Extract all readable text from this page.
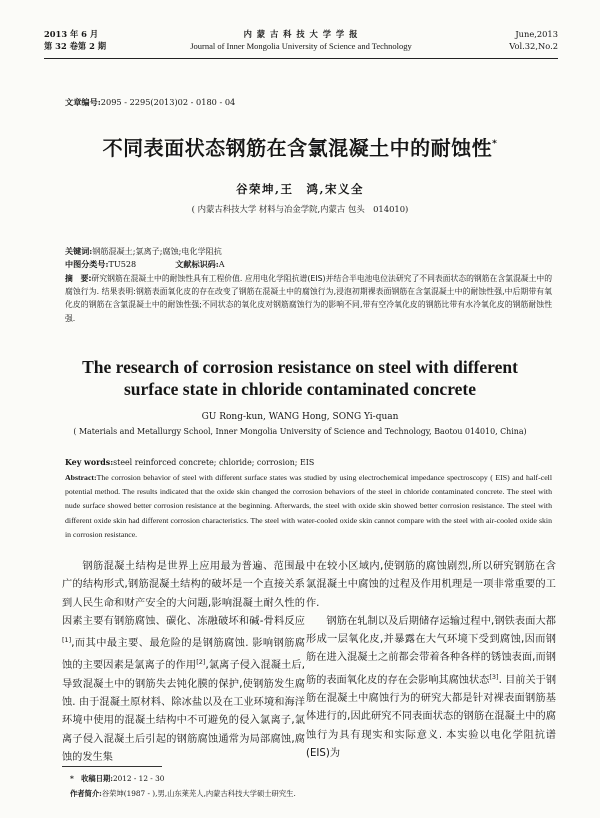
2013 年 6 月
第 32 卷第 2 期
内 蒙 古 科 技 大 学 学 报
Journal of Inner Mongolia University of Science and Technology
June,2013
Vol.32,No.2
文章编号:2095 - 2295(2013)02 - 0180 - 04
不同表面状态钢筋在含氯混凝土中的耐蚀性*
谷荣坤,王　鸿,宋义全
( 内蒙古科技大学 材料与冶金学院,内蒙古 包头　014010)
关键词:钢筋混凝土;氯离子;腐蚀;电化学阻抗
中图分类号:TU528	文献标识码:A
摘　要:研究钢筋在混凝土中的耐蚀性具有工程价值. 应用电化学阻抗谱(EIS)并结合半电池电位法研究了不同表面状态的钢筋在含氯混凝土中的腐蚀行为. 结果表明:钢筋表面氧化皮的存在改变了钢筋在混凝土中的腐蚀行为,浸泡初期裸表面钢筋在含氯混凝土中的耐蚀性强,中后期带有氧化皮的钢筋在含氯混凝土中的耐蚀性强;不同状态的氧化皮对钢筋腐蚀行为的影响不同,带有空冷氧化皮的钢筋比带有水冷氧化皮的钢筋耐蚀性强.
The research of corrosion resistance on steel with different
surface state in chloride contaminated concrete
GU Rong-kun, WANG Hong, SONG Yi-quan
( Materials and Metallurgy School, Inner Mongolia University of Science and Technology, Baotou 014010, China)
Key words:steel reinforced concrete; chloride; corrosion; EIS
Abstract:The corrosion behavior of steel with different surface states was studied by using electrochemical impedance spectroscopy ( EIS) and half-cell potential method. The results indicated that the oxide skin changed the corrosion behaviors of the steel in chloride contaminated concrete. The steel with nude surface showed better corrosion resistance at the beginning. Afterwards, the steel with oxide skin showed better corrosion resistance. The steel with different oxide skin had different corrosion characteristics. The steel with water-cooled oxide skin cannot compare with the steel with air-cooled oxide skin in corrosion resistance.

钢筋混凝土结构是世界上应用最为普遍、范围最广的结构形式,钢筋混凝土结构的破坏是一个直接关系到人民生命和财产安全的大问题,影响混凝土耐久性的因素主要有钢筋腐蚀、碳化、冻融破坏和碱-骨料反应[1],而其中最主要、最危险的是钢筋腐蚀. 影响钢筋腐蚀的主要因素是氯离子的作用[2],氯离子侵入混凝土后,导致混凝土中的钢筋失去钝化膜的保护,使钢筋发生腐蚀. 由于混凝土原材料、除冰盐以及在工业环境和海洋环境中使用的混凝土结构中不可避免的侵入氯离子,氯离子侵入混凝土后引起的钢筋腐蚀通常为局部腐蚀,腐蚀的发生集

中在较小区域内,使钢筋的腐蚀剧烈,所以研究钢筋在含氯混凝土中腐蚀的过程及作用机理是一项非常重要的工作.

钢筋在轧制以及后期储存运输过程中,钢铁表面大都形成一层氧化皮,并暴露在大气环境下受到腐蚀,因而钢筋在进入混凝土之前都会带着各种各样的锈蚀表面,而钢筋的表面氧化皮的存在会影响其腐蚀状态[3]. 目前关于钢筋在混凝土中腐蚀行为的研究大都是针对裸表面钢筋基体进行的,因此研究不同表面状态的钢筋在混凝土中的腐蚀行为具有现实和实际意义. 本实验以电化学阻抗谱(EIS)为

*　收稿日期:2012 - 12 - 30
作者简介:谷荣坤(1987 - ),男,山东莱芜人,内蒙古科技大学硕士研究生.
